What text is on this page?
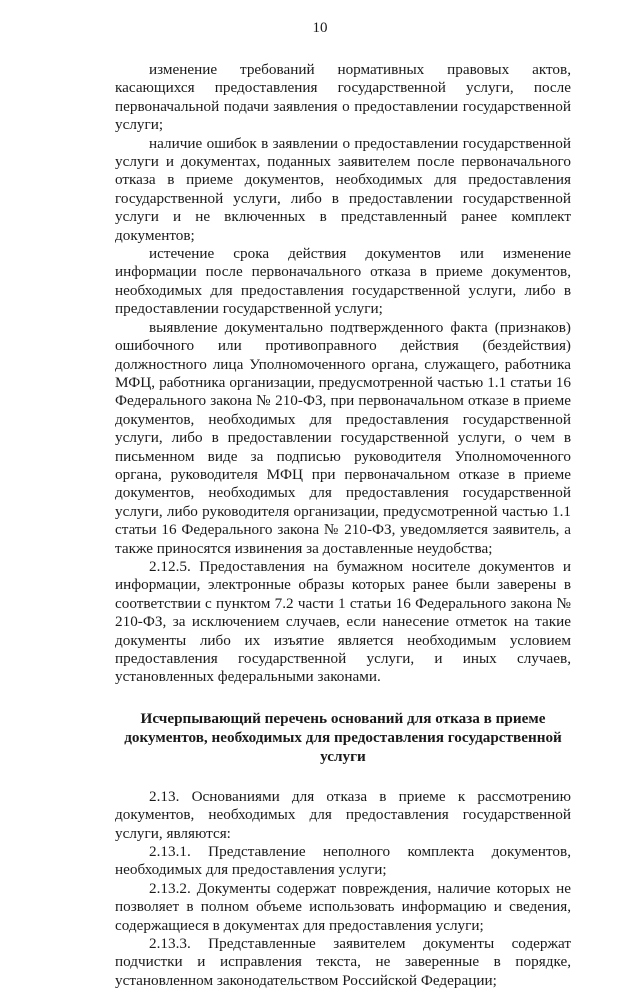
10

изменение требований нормативных правовых актов, касающихся предоставления государственной услуги, после первоначальной подачи заявления о предоставлении государственной услуги;

наличие ошибок в заявлении о предоставлении государственной услуги и документах, поданных заявителем после первоначального отказа в приеме документов, необходимых для предоставления государственной услуги, либо в предоставлении государственной услуги и не включенных в представленный ранее комплект документов;

истечение срока действия документов или изменение информации после первоначального отказа в приеме документов, необходимых для предоставления государственной услуги, либо в предоставлении государственной услуги;

выявление документально подтвержденного факта (признаков) ошибочного или противоправного действия (бездействия) должностного лица Уполномоченного органа, служащего, работника МФЦ, работника организации, предусмотренной частью 1.1 статьи 16 Федерального закона № 210-ФЗ, при первоначальном отказе в приеме документов, необходимых для предоставления государственной услуги, либо в предоставлении государственной услуги, о чем в письменном виде за подписью руководителя Уполномоченного органа, руководителя МФЦ при первоначальном отказе в приеме документов, необходимых для предоставления государственной услуги, либо руководителя организации, предусмотренной частью 1.1 статьи 16 Федерального закона № 210-ФЗ, уведомляется заявитель, а также приносятся извинения за доставленные неудобства;

2.12.5. Предоставления на бумажном носителе документов и информации, электронные образы которых ранее были заверены в соответствии с пунктом 7.2 части 1 статьи 16 Федерального закона № 210-ФЗ, за исключением случаев, если нанесение отметок на такие документы либо их изъятие является необходимым условием предоставления государственной услуги, и иных случаев, установленных федеральными законами.

Исчерпывающий перечень оснований для отказа в приеме документов, необходимых для предоставления государственной услуги

2.13. Основаниями для отказа в приеме к рассмотрению документов, необходимых для предоставления государственной услуги, являются:

2.13.1. Представление неполного комплекта документов, необходимых для предоставления услуги;

2.13.2. Документы содержат повреждения, наличие которых не позволяет в полном объеме использовать информацию и сведения, содержащиеся в документах для предоставления услуги;

2.13.3. Представленные заявителем документы содержат подчистки и исправления текста, не заверенные в порядке, установленном законодательством Российской Федерации;
